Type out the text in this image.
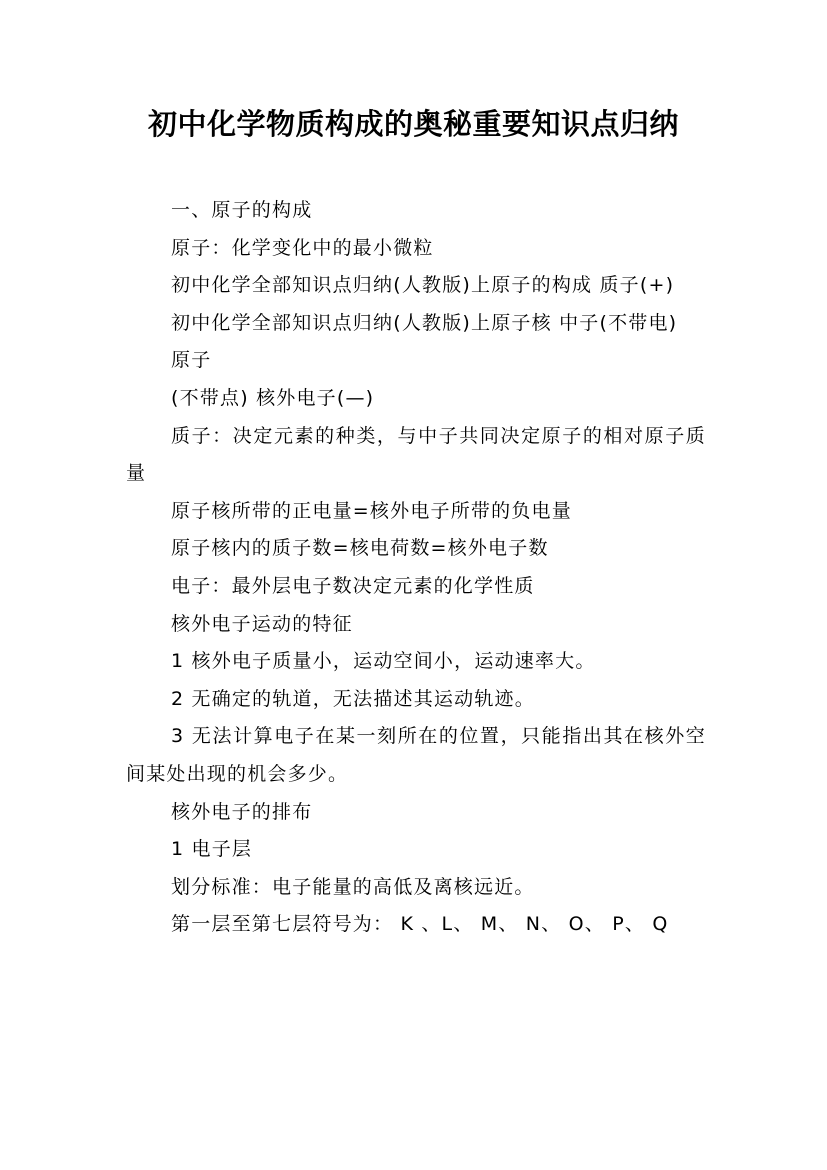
初中化学物质构成的奥秘重要知识点归纳

一、原子的构成

原子：化学变化中的最小微粒

初中化学全部知识点归纳(人教版)上原子的构成 质子(+)

初中化学全部知识点归纳(人教版)上原子核 中子(不带电)

原子

(不带点) 核外电子(—)

质子：决定元素的种类，与中子共同决定原子的相对原子质量

原子核所带的正电量=核外电子所带的负电量

原子核内的质子数=核电荷数=核外电子数

电子：最外层电子数决定元素的化学性质

核外电子运动的特征

1 核外电子质量小，运动空间小，运动速率大。

2 无确定的轨道，无法描述其运动轨迹。

3 无法计算电子在某一刻所在的位置，只能指出其在核外空间某处出现的机会多少。

核外电子的排布

1 电子层

划分标准：电子能量的高低及离核远近。

第一层至第七层符号为： K 、L、 M、 N、 O、 P、 Q
